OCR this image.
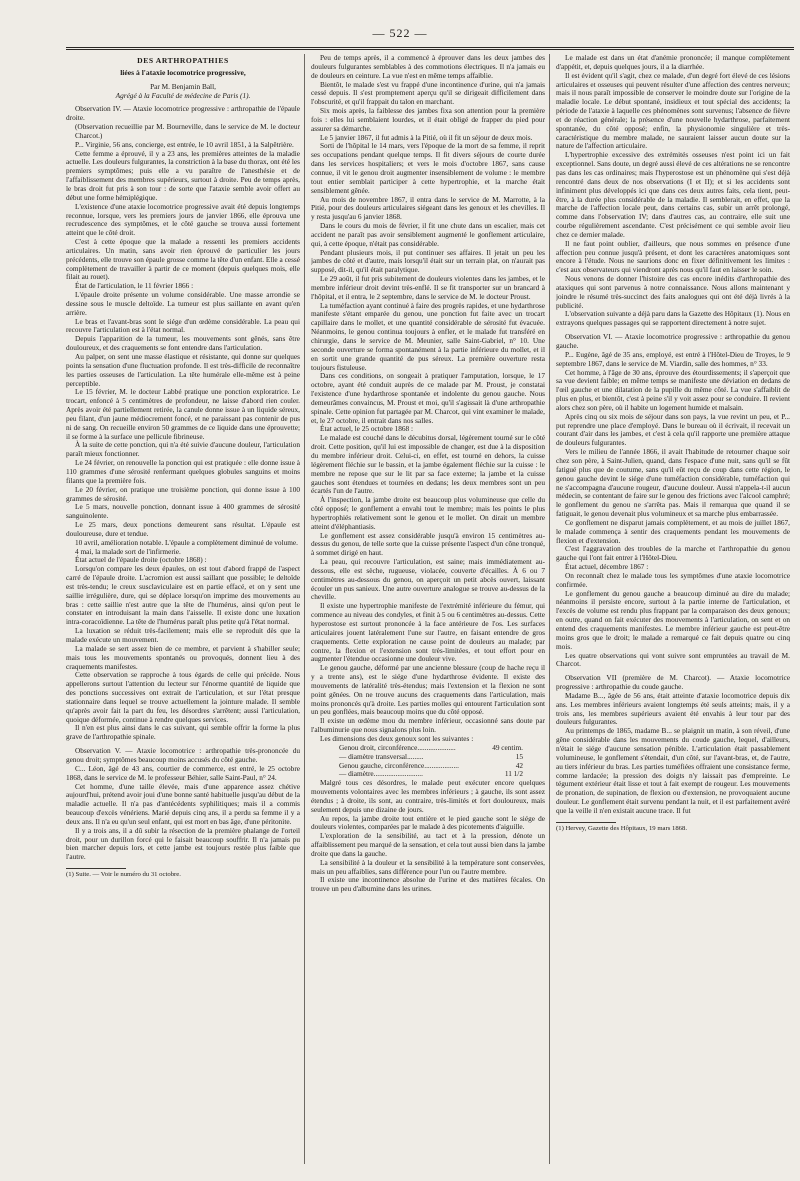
— 522 —
DES ARTHROPATHIES
liées à l'ataxie locomotrice progressive,
Par M. Benjamin Ball,
Agrégé à la Faculté de médecine de Paris (1).

Observation IV. — Ataxie locomotrice progressive : arthropathie de l'épaule droite.

(Observation recueillie par M. Bourneville, dans le service de M. le docteur Charcot.)

P... Virginie, 56 ans, concierge, est entrée, le 10 avril 1851, à la Salpêtrière.

Cette femme a éprouvé, il y a 23 ans, les premières atteintes de la maladie actuelle. Les douleurs fulgurantes, la constriction à la base du thorax, ont été les premiers symptômes; puis elle a vu paraître de l'anesthésie et de l'affaiblissement des membres supérieurs, surtout à droite. Peu de temps après, le bras droit fut pris à son tour : de sorte que l'ataxie semble avoir offert au début une forme hémiplégique.

L'existence d'une ataxie locomotrice progressive avait été depuis longtemps reconnue, lorsque, vers les premiers jours de janvier 1866, elle éprouva une recrudescence des symptômes, et le côté gauche se trouva aussi fortement atteint que le côté droit.

C'est à cette époque que la malade a ressenti les premiers accidents articulaires. Un matin, sans avoir rien éprouvé de particulier les jours précédents, elle trouve son épaule grosse comme la tête d'un enfant. Elle a cessé complètement de travailler à partir de ce moment (depuis quelques mois, elle filait au rouet).

État de l'articulation, le 11 février 1866 :

L'épaule droite présente un volume considérable. Une masse arrondie se dessine sous le muscle deltoïde. La tumeur est plus saillante en avant qu'en arrière.

Le bras et l'avant-bras sont le siége d'un œdème considérable. La peau qui recouvre l'articulation est à l'état normal.

Depuis l'apparition de la tumeur, les mouvements sont gênés, sans être douloureux, et des craquements se font entendre dans l'articulation.

Au palper, on sent une masse élastique et résistante, qui donne sur quelques points la sensation d'une fluctuation profonde. Il est très-difficile de reconnaître les parties osseuses de l'articulation. La tête humérale elle-même est à peine perceptible.

Le 15 février, M. le docteur Labbé pratique une ponction exploratrice. Le trocart, enfoncé à 5 centimètres de profondeur, ne laisse d'abord rien couler. Après avoir été partiellement retirée, la canule donne issue à un liquide séreux, peu filant, d'un jaune médiocrement foncé, et ne paraissant pas contenir de pus ni de sang. On recueille environ 50 grammes de ce liquide dans une éprouvette; il se forme à la surface une pellicule fibrineuse.

À la suite de cette ponction, qui n'a été suivie d'aucune douleur, l'articulation paraît mieux fonctionner.

Le 24 février, on renouvelle la ponction qui est pratiquée : elle donne issue à 110 grammes d'une sérosité renfermant quelques globules sanguins et moins filants que la première fois.

Le 20 février, on pratique une troisième ponction, qui donne issue à 100 grammes de sérosité.

Le 5 mars, nouvelle ponction, donnant issue à 400 grammes de sérosité sanguinolente.

Le 25 mars, deux ponctions demeurent sans résultat. L'épaule est douloureuse, dure et tendue.

10 avril, amélioration notable. L'épaule a complètement diminué de volume.

4 mai, la malade sort de l'infirmerie.

État actuel de l'épaule droite (octobre 1868) :

Lorsqu'on compare les deux épaules, on est tout d'abord frappé de l'aspect carré de l'épaule droite. L'acromion est aussi saillant que possible; le deltoïde est très-tendu; le creux susclaviculaire est en partie effacé, et on y sent une saillie irrégulière, dure, qui se déplace lorsqu'on imprime des mouvements au bras : cette saillie n'est autre que la tête de l'humérus, ainsi qu'on peut le constater en introduisant la main dans l'aisselle. Il existe donc une luxation intra-coracoïdienne. La tête de l'humérus paraît plus petite qu'à l'état normal.

La luxation se réduit très-facilement; mais elle se reproduit dès que la malade exécute un mouvement.

La malade se sert assez bien de ce membre, et parvient à s'habiller seule; mais tous les mouvements spontanés ou provoqués, donnent lieu à des craquements manifestes.

Cette observation se rapproche à tous égards de celle qui précède. Nous appellerons surtout l'attention du lecteur sur l'énorme quantité de liquide que des ponctions successives ont extrait de l'articulation, et sur l'état presque stationnaire dans lequel se trouve actuellement la jointure malade. Il semble qu'après avoir fait la part du feu, les désordres s'arrêtent; aussi l'articulation, quoique déformée, continue à rendre quelques services.

Il n'en est plus ainsi dans le cas suivant, qui semble offrir la forme la plus grave de l'arthropathie spinale.

Observation V. — Ataxie locomotrice : arthropathie très-prononcée du genou droit; symptômes beaucoup moins accusés du côté gauche.

C... Léon, âgé de 43 ans, courtier de commerce, est entré, le 25 octobre 1868, dans le service de M. le professeur Béhier, salle Saint-Paul, n° 24.

Cet homme, d'une taille élevée, mais d'une apparence assez chétive aujourd'hui, prétend avoir joui d'une bonne santé habituelle jusqu'au début de la maladie actuelle. Il n'a pas d'antécédents syphilitiques; mais il a commis beaucoup d'excès vénériens. Marié depuis cinq ans, il a perdu sa femme il y a deux ans. Il n'a eu qu'un seul enfant, qui est mort en bas âge, d'une péritonite.

Il y a trois ans, il a dû subir la résection de la première phalange de l'orteil droit, pour un durillon forcé qui le faisait beaucoup souffrir. Il n'a jamais pu bien marcher depuis lors, et cette jambe est toujours restée plus faible que l'autre.

(1) Suite. — Voir le numéro du 31 octobre.

Peu de temps après, il a commencé à éprouver dans les deux jambes des douleurs fulgurantes semblables à des commotions électriques. Il n'a jamais eu de douleurs en ceinture. La vue n'est en même temps affaiblie.

Bientôt, le malade s'est vu frappé d'une incontinence d'urine, qui n'a jamais cessé depuis. Il s'est promptement aperçu qu'il se dirigeait difficilement dans l'obscurité, et qu'il frappait du talon en marchant.

Six mois après, la faiblesse des jambes fixa son attention pour la première fois : elles lui semblaient lourdes, et il était obligé de frapper du pied pour assurer sa démarche.

Le 5 janvier 1867, il fut admis à la Pitié, où il fit un séjour de deux mois.

Sorti de l'hôpital le 14 mars, vers l'époque de la mort de sa femme, il reprit ses occupations pendant quelque temps. Il fit divers séjours de courte durée dans les services hospitaliers; et vers le mois d'octobre 1867, sans cause connue, il vit le genou droit augmenter insensiblement de volume : le membre tout entier semblait participer à cette hypertrophie, et la marche était sensiblement gênée.

Au mois de novembre 1867, il entra dans le service de M. Marrotte, à la Pitié, pour des douleurs articulaires siégeant dans les genoux et les chevilles. Il y resta jusqu'au 6 janvier 1868.

Dans le cours du mois de février, il fit une chute dans un escalier, mais cet accident ne paraît pas avoir sensiblement augmenté le gonflement articulaire, qui, à cette époque, n'était pas considérable.

Pendant plusieurs mois, il put continuer ses affaires. Il jetait un peu les jambes de côté et d'autre, mais lorsqu'il était sur un terrain plat, on n'aurait pas supposé, dit-il, qu'il était paralytique.

Le 29 août, il fut pris subitement de douleurs violentes dans les jambes, et le membre inférieur droit devint très-enflé. Il se fit transporter sur un brancard à l'hôpital, et il entra, le 2 septembre, dans le service de M. le docteur Proust.

La tuméfaction ayant continué à faire des progrès rapides, et une hydarthrose manifeste s'étant emparée du genou, une ponction fut faite avec un trocart capillaire dans le mollet, et une quantité considérable de sérosité fut évacuée. Néanmoins, le genou continua toujours à enfler, et le malade fut transféré en chirurgie, dans le service de M. Meunier, salle Saint-Gabriel, n° 10. Une seconde ouverture se forma spontanément à la partie inférieure du mollet, et il en sortit une grande quantité de pus séreux. La première ouverture resta toujours fistuleuse.

Dans ces conditions, on songeait à pratiquer l'amputation, lorsque, le 17 octobre, ayant été conduit auprès de ce malade par M. Proust, je constatai l'existence d'une hydarthrose spontanée et indolente du genou gauche. Nous demeurâmes convaincus, M. Proust et moi, qu'il s'agissait là d'une arthropathie spinale. Cette opinion fut partagée par M. Charcot, qui vint examiner le malade, et, le 27 octobre, il entrait dans nos salles.

État actuel, le 25 octobre 1868 :

Le malade est couché dans le décubitus dorsal, légèrement tourné sur le côté droit. Cette position, qu'il lui est impossible de changer, est due à la disposition du membre inférieur droit. Celui-ci, en effet, est tourné en dehors, la cuisse légèrement fléchie sur le bassin, et la jambe également fléchie sur la cuisse : le membre ne repose que sur le lit par sa face externe; la jambe et la cuisse gauches sont étendues et tournées en dedans; les deux membres sont un peu écartés l'un de l'autre.

À l'inspection, la jambe droite est beaucoup plus volumineuse que celle du côté opposé; le gonflement a envahi tout le membre; mais les points le plus hypertrophiés relativement sont le genou et le mollet. On dirait un membre atteint d'éléphantiasis.

Le gonflement est assez considérable jusqu'à environ 15 centimètres au-dessus du genou, de telle sorte que la cuisse présente l'aspect d'un cône tronqué, à sommet dirigé en haut.

La peau, qui recouvre l'articulation, est saine; mais immédiatement au-dessous, elle est sèche, rugueuse, violacée, couverte d'écailles. À 6 ou 7 centimètres au-dessous du genou, on aperçoit un petit abcès ouvert, laissant écouler un pus sanieux. Une autre ouverture analogue se trouve au-dessus de la cheville.

Il existe une hypertrophie manifeste de l'extrémité inférieure du fémur, qui commence au niveau des condyles, et finit à 5 ou 6 centimètres au-dessus. Cette hyperostose est surtout prononcée à la face antérieure de l'os. Les surfaces articulaires jouent latéralement l'une sur l'autre, en faisant entendre de gros craquements. Cette exploration ne cause point de douleurs au malade; par contre, la flexion et l'extension sont très-limitées, et tout effort pour en augmenter l'étendue occasionne une douleur vive.

Le genou gauche, déformé par une ancienne blessure (coup de hache reçu il y a trente ans), est le siége d'une hydarthrose évidente. Il existe des mouvements de latéralité très-étendus; mais l'extension et la flexion ne sont point gênées. On ne trouve aucuns des craquements dans l'articulation, mais moins prononcés qu'à droite. Les parties molles qui entourent l'articulation sont un peu gonflées, mais beaucoup moins que du côté opposé.

Il existe un œdème mou du membre inférieur, occasionné sans doute par l'albuminurie que nous signalons plus loin.

Les dimensions des deux genoux sont les suivantes :

Genou droit, circonférence.....................	49 centim.
— diamètre transversal.........	15
Genou gauche, circonférence...................	42
— diamètre...........................	11 1/2

Malgré tous ces désordres, le malade peut exécuter encore quelques mouvements volontaires avec les membres inférieurs ; à gauche, ils sont assez étendus ; à droite, ils sont, au contraire, très-limités et fort douloureux, mais seulement depuis une dizaine de jours.

Au repos, la jambe droite tout entière et le pied gauche sont le siége de douleurs violentes, comparées par le malade à des picotements d'aiguille.

L'exploration de la sensibilité, au tact et à la pression, dénote un affaiblissement peu marqué de la sensation, et cela tout aussi bien dans la jambe droite que dans la gauche.

La sensibilité à la douleur et la sensibilité à la température sont conservées, mais un peu affaiblies, sans différence pour l'un ou l'autre membre.

Il existe une incontinence absolue de l'urine et des matières fécales. On trouve un peu d'albumine dans les urines.

Le malade est dans un état d'anémie prononcée; il manque complètement d'appétit, et, depuis quelques jours, il a la diarrhée.

Il est évident qu'il s'agit, chez ce malade, d'un degré fort élevé de ces lésions articulaires et osseuses qui peuvent résulter d'une affection des centres nerveux; mais il nous paraît impossible de conserver le moindre doute sur l'origine de la maladie locale. Le début spontané, insidieux et tout spécial des accidents; la période de l'ataxie à laquelle ces phénomènes sont survenus; l'absence de fièvre et de réaction générale; la présence d'une nouvelle hydarthrose, parfaitement spontanée, du côté opposé; enfin, la physionomie singulière et très-caractéristique du membre malade, ne sauraient laisser aucun doute sur la nature de l'affection articulaire.

L'hypertrophie excessive des extrémités osseuses n'est point ici un fait exceptionnel. Sans doute, un degré aussi élevé de ces altérations ne se rencontre pas dans les cas ordinaires; mais l'hyperostose est un phénomène qui s'est déjà rencontré dans deux de nos observations (I et II); et si les accidents sont infiniment plus développés ici que dans ces deux autres faits, cela tient, peut-être, à la durée plus considérable de la maladie. Il semblerait, en effet, que la marche de l'affection locale peut, dans certains cas, subir un arrêt prolongé, comme dans l'observation IV; dans d'autres cas, au contraire, elle suit une courbe régulièrement ascendante. C'est précisément ce qui semble avoir lieu chez ce dernier malade.

Il ne faut point oublier, d'ailleurs, que nous sommes en présence d'une affection peu connue jusqu'à présent, et dont les caractères anatomiques sont encore à l'étude. Nous ne saurions donc en fixer définitivement les limites : c'est aux observateurs qui viendront après nous qu'il faut en laisser le soin.

Nous venons de donner l'histoire des cas encore inédits d'arthropathie des ataxiques qui sont parvenus à notre connaissance. Nous allons maintenant y joindre le résumé très-succinct des faits analogues qui ont été déjà livrés à la publicité.

L'observation suivante a déjà paru dans la Gazette des Hôpitaux (1). Nous en extrayons quelques passages qui se rapportent directement à notre sujet.

Observation VI. — Ataxie locomotrice progressive : arthropathie du genou gauche.

P... Eugène, âgé de 35 ans, employé, est entré à l'Hôtel-Dieu de Troyes, le 9 septembre 1867, dans le service de M. Viardin, salle des hommes, n° 33.

Cet homme, à l'âge de 30 ans, éprouve des étourdissements; il s'aperçoit que sa vue devient faible; en même temps se manifeste une déviation en dedans de l'œil gauche et une dilatation de la pupille du même côté. La vue s'affaiblit de plus en plus, et bientôt, c'est à peine s'il y voit assez pour se conduire. Il revient alors chez son père, où il habite un logement humide et malsain.

Après cinq ou six mois de séjour dans son pays, la vue revint un peu, et P... put reprendre une place d'employé. Dans le bureau où il écrivait, il recevait un courant d'air dans les jambes, et c'est à cela qu'il rapporte une première attaque de douleurs fulgurantes.

Vers le milieu de l'année 1866, il avait l'habitude de retourner chaque soir chez son père, à Saint-Julien, quand, dans l'espace d'une nuit, sans qu'il se fût fatigué plus que de coutume, sans qu'il eût reçu de coup dans cette région, le genou gauche devint le siége d'une tuméfaction considérable, tuméfaction qui ne s'accompagna d'aucune rougeur, d'aucune douleur. Aussi n'appela-t-il aucun médecin, se contentant de faire sur le genou des frictions avec l'alcool camphré; le gonflement du genou ne s'arrêta pas. Mais il remarqua que quand il se fatiguait, le genou devenait plus volumineux et sa marche plus embarrassée.

Ce gonflement ne disparut jamais complètement, et au mois de juillet 1867, le malade commença à sentir des craquements pendant les mouvements de flexion et d'extension.

C'est l'aggravation des troubles de la marche et l'arthropathie du genou gauche qui l'ont fait entrer à l'Hôtel-Dieu.

État actuel, décembre 1867 :

On reconnaît chez le malade tous les symptômes d'une ataxie locomotrice confirmée.

Le gonflement du genou gauche a beaucoup diminué au dire du malade; néanmoins il persiste encore, surtout à la partie interne de l'articulation, et l'excès de volume est rendu plus frappant par la comparaison des deux genoux; en outre, quand on fait exécuter des mouvements à l'articulation, on sent et on entend des craquements manifestes. Le membre inférieur gauche est peut-être moins gros que le droit; le malade a remarqué ce fait depuis quatre ou cinq mois.

Les quatre observations qui vont suivre sont empruntées au travail de M. Charcot.

Observation VII (première de M. Charcot). — Ataxie locomotrice progressive : arthropathie du coude gauche.

Madame B..., âgée de 56 ans, était atteinte d'ataxie locomotrice depuis dix ans. Les membres inférieurs avaient longtemps été seuls atteints; mais, il y a trois ans, les membres supérieurs avaient été envahis à leur tour par des douleurs fulgurantes.

Au printemps de 1865, madame B... se plaignit un matin, à son réveil, d'une gêne considérable dans les mouvements du coude gauche, lequel, d'ailleurs, n'était le siége d'aucune sensation pénible. L'articulation était passablement volumineuse, le gonflement s'étendait, d'un côté, sur l'avant-bras, et, de l'autre, au tiers inférieur du bras. Les parties tuméfiées offraient une consistance ferme, comme lardacée; la pression des doigts n'y laissait pas d'empreinte. Le tégument extérieur était lisse et tout à fait exempt de rougeur. Les mouvements de pronation, de supination, de flexion ou d'extension, ne provoquaient aucune douleur. Le gonflement était survenu pendant la nuit, et il est parfaitement avéré que la veille il n'en existait aucune trace. Il fut

(1) Hervey, Gazette des Hôpitaux, 19 mars 1868.
